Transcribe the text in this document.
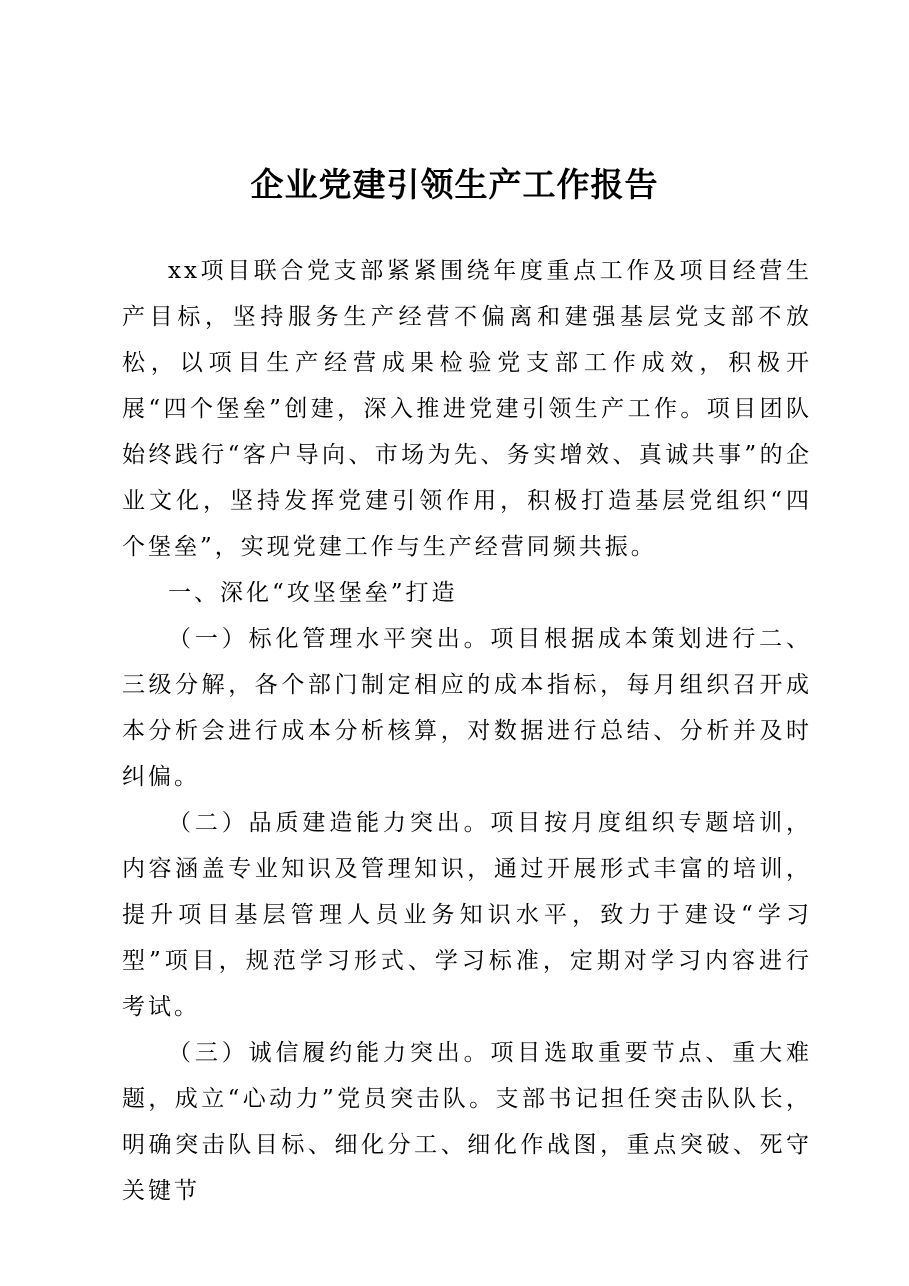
企业党建引领生产工作报告

xx项目联合党支部紧紧围绕年度重点工作及项目经营生产目标，坚持服务生产经营不偏离和建强基层党支部不放松，以项目生产经营成果检验党支部工作成效，积极开展“四个堡垒”创建，深入推进党建引领生产工作。项目团队始终践行“客户导向、市场为先、务实增效、真诚共事”的企业文化，坚持发挥党建引领作用，积极打造基层党组织“四个堡垒”，实现党建工作与生产经营同频共振。

一、深化“攻坚堡垒”打造

（一）标化管理水平突出。项目根据成本策划进行二、三级分解，各个部门制定相应的成本指标，每月组织召开成本分析会进行成本分析核算，对数据进行总结、分析并及时纠偏。

（二）品质建造能力突出。项目按月度组织专题培训，内容涵盖专业知识及管理知识，通过开展形式丰富的培训，提升项目基层管理人员业务知识水平，致力于建设“学习型”项目，规范学习形式、学习标准，定期对学习内容进行考试。

（三）诚信履约能力突出。项目选取重要节点、重大难题，成立“心动力”党员突击队。支部书记担任突击队队长，明确突击队目标、细化分工、细化作战图，重点突破、死守关键节
